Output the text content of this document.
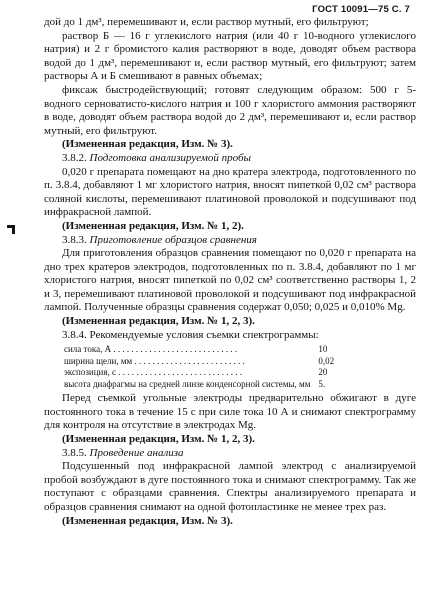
ГОСТ 10091—75 С. 7

дой до 1 дм³, перемешивают и, если раствор мутный, его фильтруют;

раствор Б — 16 г углекислого натрия (или 40 г 10-водного углекислого натрия) и 2 г бромистого калия растворяют в воде, доводят объем раствора водой до 1 дм³, перемешивают и, если раствор мутный, его фильтруют; затем растворы А и Б смешивают в равных объемах;

фиксаж быстродействующий; готовят следующим образом: 500 г 5-водного серноватисто-кислого натрия и 100 г хлористого аммония растворяют в воде, доводят объем раствора водой до 2 дм³, перемешивают и, если раствор мутный, его фильтруют.

(Измененная редакция, Изм. № 3).

3.8.2. Подготовка анализируемой пробы

0,020 г препарата помещают на дно кратера электрода, подготовленного по п. 3.8.4, добавляют 1 мг хлористого натрия, вносят пипеткой 0,02 см³ раствора соляной кислоты, перемешивают платиновой проволокой и подсушивают под инфракрасной лампой.

(Измененная редакция, Изм. № 1, 2).

3.8.3. Приготовление образцов сравнения

Для приготовления образцов сравнения помещают по 0,020 г препарата на дно трех кратеров электродов, подготовленных по п. 3.8.4, добавляют по 1 мг хлористого натрия, вносят пипеткой по 0,02 см³ соответственно растворы 1, 2 и 3, перемешивают платиновой проволокой и подсушивают под инфракрасной лампой. Полученные образцы сравнения содержат 0,050; 0,025 и 0,010% Mg.

(Измененная редакция, Изм. № 1, 2, 3).

3.8.4. Рекомендуемые условия съемки спектрограммы:

сила тока, А . . . . . . . . . . . . . . . . . . . . . . . . . . . .	10
ширина щели, мм . . . . . . . . . . . . . . . . . . . . . . . . .	0,02
экспозиция, с . . . . . . . . . . . . . . . . . . . . . . . . . . . .	20
высота диафрагмы на средней линзе конденсорной системы, мм	5.

Перед съемкой угольные электроды предварительно обжигают в дуге постоянного тока в течение 15 с при силе тока 10 А и снимают спектрограмму для контроля на отсутствие в электродах Mg.

(Измененная редакция, Изм. № 1, 2, 3).

3.8.5. Проведение анализа

Подсушенный под инфракрасной лампой электрод с анализируемой пробой возбуждают в дуге постоянного тока и снимают спектрограмму. Так же поступают с образцами сравнения. Спектры анализируемого препарата и образцов сравнения снимают на одной фотопластинке не менее трех раз.

(Измененная редакция, Изм. № 3).
